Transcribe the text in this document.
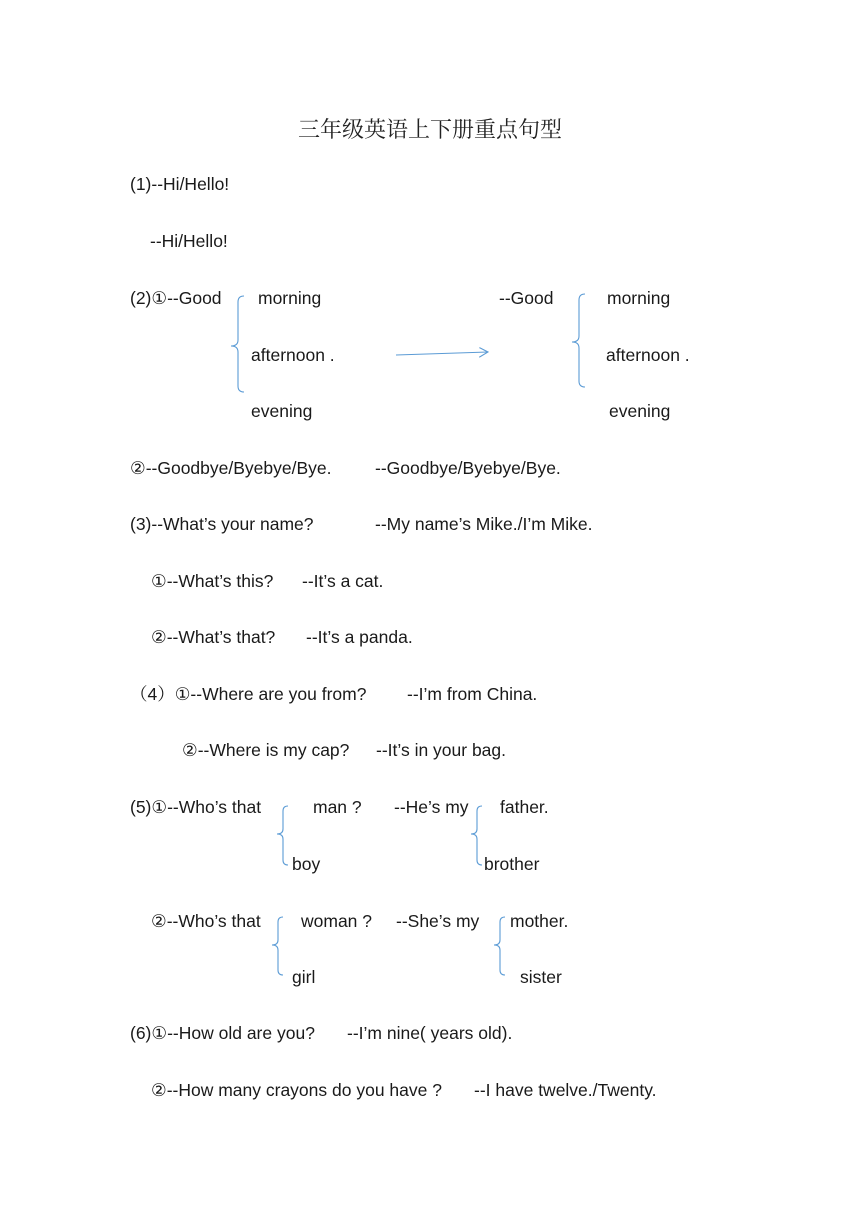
三年级英语上下册重点句型
(1)--Hi/Hello!
--Hi/Hello!
(2)①--Good morning
afternoon .
evening
--Good	morning
afternoon .
evening
②--Goodbye/Byebye/Bye. --Goodbye/Byebye/Bye.
(3)--What’s your name?	--My name’s Mike./I’m Mike.
①--What’s this? --It’s a cat.
②--What’s that? --It’s a panda.
（4）①--Where are you from? --I’m from China.
②--Where is my cap? --It’s in your bag.
(5)①--Who’s that	man ?
boy
--He’s my father.
brother
②--Who’s that woman ?
girl
--She’s my mother.
sister
(6)①--How old are you? --I’m nine( years old).
②--How many crayons do you have ? --I have twelve./Twenty.
